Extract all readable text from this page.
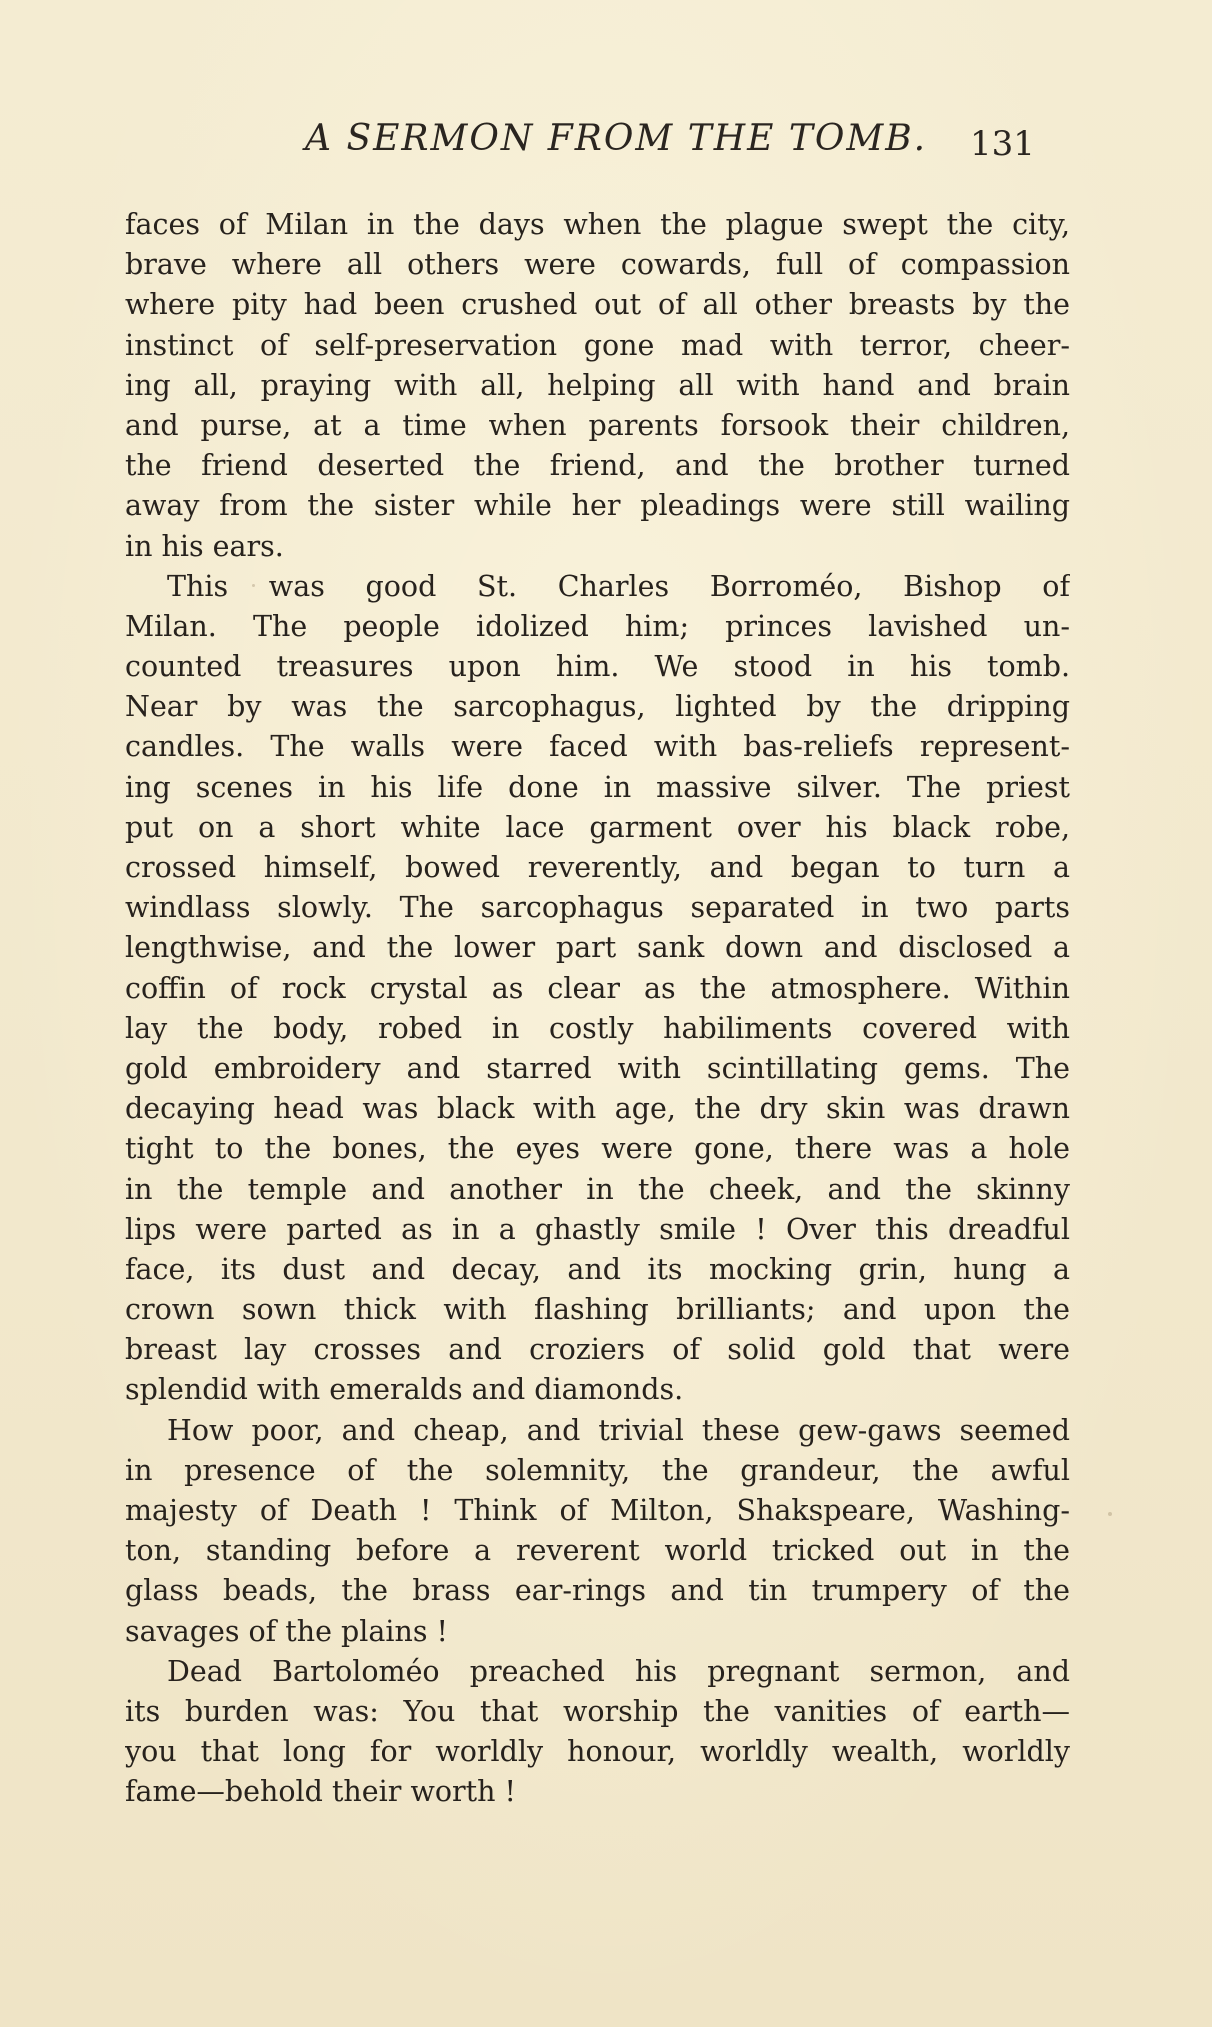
A SERMON FROM THE TOMB. 131
faces of Milan in the days when the plague swept the city,
brave where all others were cowards, full of compassion
where pity had been crushed out of all other breasts by the
instinct of self-preservation gone mad with terror, cheer-
ing all, praying with all, helping all with hand and brain
and purse, at a time when parents forsook their children,
the friend deserted the friend, and the brother turned
away from the sister while her pleadings were still wailing
in his ears.
This was good St. Charles Borroméo, Bishop of
Milan. The people idolized him; princes lavished un-
counted treasures upon him. We stood in his tomb.
Near by was the sarcophagus, lighted by the dripping
candles. The walls were faced with bas-reliefs represent-
ing scenes in his life done in massive silver. The priest
put on a short white lace garment over his black robe,
crossed himself, bowed reverently, and began to turn a
windlass slowly. The sarcophagus separated in two parts
lengthwise, and the lower part sank down and disclosed a
coffin of rock crystal as clear as the atmosphere. Within
lay the body, robed in costly habiliments covered with
gold embroidery and starred with scintillating gems. The
decaying head was black with age, the dry skin was drawn
tight to the bones, the eyes were gone, there was a hole
in the temple and another in the cheek, and the skinny
lips were parted as in a ghastly smile ! Over this dreadful
face, its dust and decay, and its mocking grin, hung a
crown sown thick with flashing brilliants; and upon the
breast lay crosses and croziers of solid gold that were
splendid with emeralds and diamonds.
How poor, and cheap, and trivial these gew-gaws seemed
in presence of the solemnity, the grandeur, the awful
majesty of Death ! Think of Milton, Shakspeare, Washing-
ton, standing before a reverent world tricked out in the
glass beads, the brass ear-rings and tin trumpery of the
savages of the plains !
Dead Bartoloméo preached his pregnant sermon, and
its burden was: You that worship the vanities of earth—
you that long for worldly honour, worldly wealth, worldly
fame—behold their worth !
